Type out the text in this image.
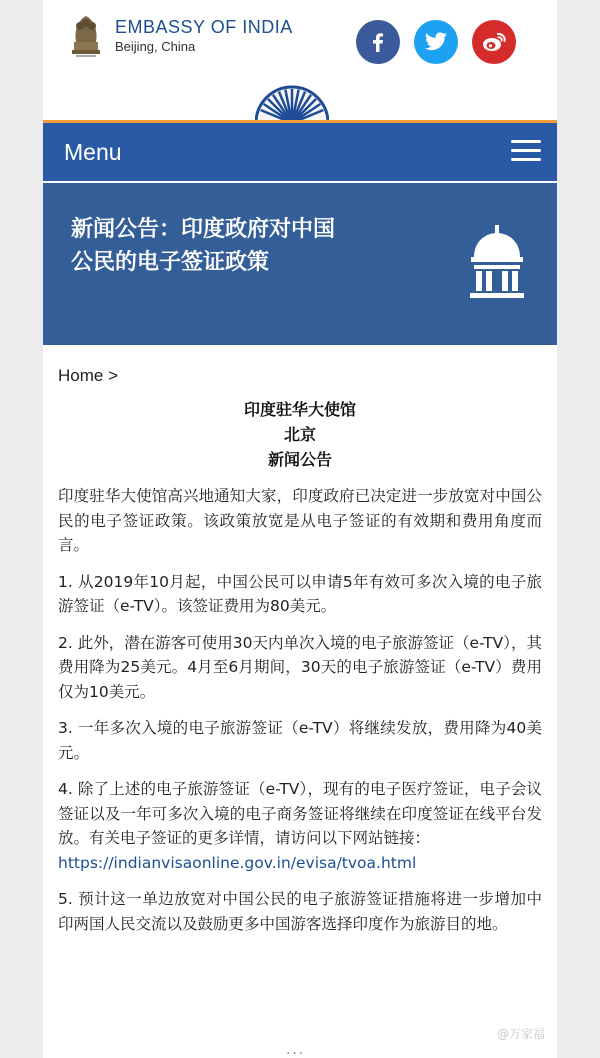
EMBASSY OF INDIA
Beijing, China
Menu
新闻公告：印度政府对中国公民的电子签证政策
Home >
印度驻华大使馆
北京
新闻公告

印度驻华大使馆高兴地通知大家，印度政府已决定进一步放宽对中国公民的电子签证政策。该政策放宽是从电子签证的有效期和费用角度而言。

1. 从2019年10月起，中国公民可以申请5年有效可多次入境的电子旅游签证（e-TV）。该签证费用为80美元。

2. 此外，潜在游客可使用30天内单次入境的电子旅游签证（e-TV），其费用降为25美元。4月至6月期间，30天的电子旅游签证（e-TV）费用仅为10美元。

3. 一年多次入境的电子旅游签证（e-TV）将继续发放，费用降为40美元。

4. 除了上述的电子旅游签证（e-TV），现有的电子医疗签证，电子会议签证以及一年可多次入境的电子商务签证将继续在印度签证在线平台发放。有关电子签证的更多详情，请访问以下网站链接：
https://indianvisaonline.gov.in/evisa/tvoa.html

5. 预计这一单边放宽对中国公民的电子旅游签证措施将进一步增加中印两国人民交流以及鼓励更多中国游客选择印度作为旅游目的地。

@万家福
...
